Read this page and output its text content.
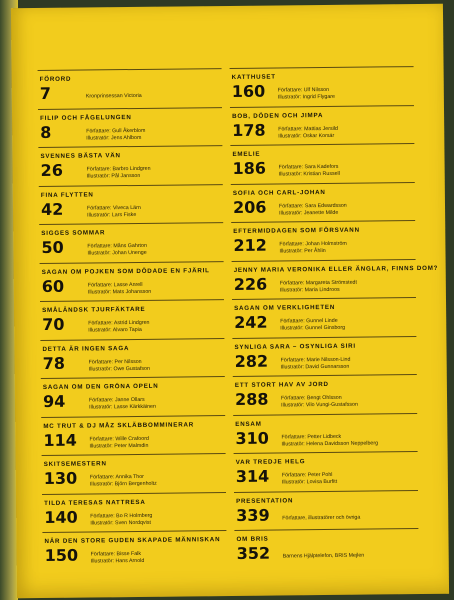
FÖRORD
7	Kronprinsessan Victoria
FILIP OCH FÅGELUNGEN
8	Författare: Gull Åkerblom
Illustratör: Jens Ahlbom
SVENNES BÄSTA VÄN
26	Författare: Barbro Lindgren
Illustratör: Pål Jansson
FINA FLYTTEN
42	Författare: Viveca Lärn
Illustratör: Lars Fiske
SIGGES SOMMAR
50	Författare: Måns Gahrton
Illustratör: Johan Unenge
SAGAN OM POJKEN SOM DÖDADE EN FJÄRIL
60	Författare: Lasse Anrell
Illustratör: Mats Johansson
SMÅLÄNDSK TJURFÄKTARE
70	Författare: Astrid Lindgren
Illustratör: Alvaro Tapia
DETTA ÄR INGEN SAGA
78	Författare: Per Nilsson
Illustratör: Owe Gustafson
SAGAN OM DEN GRÖNA OPELN
94	Författare: Janne Ollars
Illustratör: Lasse Kärkkäinen
MC TRUT & DJ MÅZ SKLÄBBOMMINERAR
114 Författare: Wille Crafoord
Illustratör: Peter Malmdin
SKITSEMESTERN
130 Författare: Annika Thor
Illustratör: Björn Bergenholtz
TILDA TERESAS NATTRESA
140 Författare: Bo R Holmberg
Illustratör: Sven Nordqvist
NÄR DEN STORE GUDEN SKAPADE MÄNNISKAN
150 Författare: Bisse Falk
Illustratör: Hans Arnold
KATTHUSET
160 Författare: Ulf Nilsson
Illustratör: Ingrid Flygare
BOB, DÖDEN OCH JIMPA
178 Författare: Mattias Jersild
Illustratör: Oskar Korsár
EMELIE
186 Författare: Sara Kadefors
Illustratör: Kristian Russell
SOFIA OCH CARL-JOHAN
206 Författare: Sara Edwardsson
Illustratör: Jeanette Milde
EFTERMIDDAGEN SOM FÖRSVANN
212 Författare: Johan Holmström
Illustratör: Per Åhlin
JENNY MARIA VERONIKA ELLER ÄNGLAR, FINNS DOM?
226 Författare: Margareta Strömstedt
Illustratör: Maria Lindroos
SAGAN OM VERKLIGHETEN
242 Författare: Gunnel Linde
Illustratör: Gunnel Ginsborg
SYNLIGA SARA – OSYNLIGA SIRI
282 Författare: Marie Nilsson-Lind
Illustratör: David Gunnarsson
ETT STORT HAV AV JORD
288 Författare: Bengt Ohlsson
Illustratör: Vilo Vungi-Gustafsson
ENSAM
310 Författare: Petter Lidbeck
Illustratör: Helena Davidsson Neppelberg
VAR TREDJE HELG
314 Författare: Peter Pohl
Illustratör: Lovisa Burfitt
PRESENTATION
339 Författare, illustratörer och övriga
OM BRIS
352 Barnens Hjälptelefon, BRIS Mejlen
